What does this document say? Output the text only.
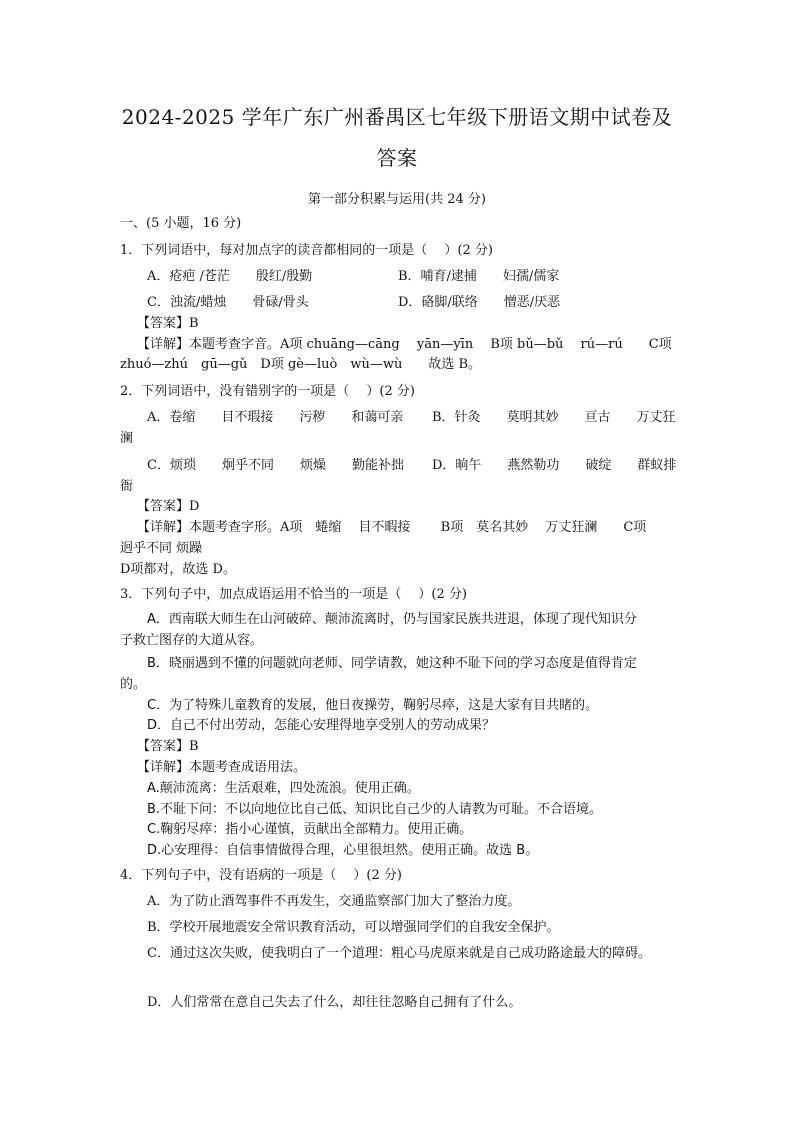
2024-2025 学年广东广州番禺区七年级下册语文期中试卷及
答案
第一部分积累与运用(共 24 分)
一、(5 小题，16 分)
1．下列词语中，每对加点字的读音都相同的一项是（　 ）(2 分)
A．疮疤 /苍茫　　殷红/殷勤	B．哺育/逮捕　　妇孺/儒家
C．浊流/蜡烛　　骨碌/骨头	D．硌脚/联络　　憎恶/厌恶
【答案】B
【详解】本题考查字音。A项 chuāng—cāng　 yān—yīn　 B项 bǔ—bǔ　 rú—rú　　C项
zhuó—zhú　gū—gǔ　D项 gè—luò　wù—wù　　故选 B。
2．下列词语中，没有错别字的一项是（　 ）(2 分)
A．卷缩　　目不瑕接　　污秽　　和蔼可亲 B．针灸　　莫明其妙　　亘古　　万丈狂
澜
C．烦琐　　炯乎不同　　烦燥　　勤能补拙 D．晌午　　燕然勒功　　破绽　　群蚁排
衙
【答案】D
【详解】本题考查字形。A项　蜷缩　 目不暇接　　 B项　莫名其妙　 万丈狂澜　　C项
迥乎不同 烦躁
D项都对，故选 D。
3．下列句子中，加点成语运用不恰当的一项是（　 ）(2 分)
A．西南联大师生在山河破碎、颠沛流离时，仍与国家民族共进退，体现了现代知识分
子救亡图存的大道从容。
B．晓丽遇到不懂的问题就向老师、同学请教，她这种不耻下问的学习态度是值得肯定
的。
C．为了特殊儿童教育的发展，他日夜操劳，鞠躬尽瘁，这是大家有目共睹的。
D．自己不付出劳动，怎能心安理得地享受别人的劳动成果？
【答案】B
【详解】本题考查成语用法。
A.颠沛流离：生活艰难，四处流浪。使用正确。
B.不耻下问：不以向地位比自己低、知识比自己少的人请教为可耻。不合语境。
C.鞠躬尽瘁：指小心谨慎，贡献出全部精力。使用正确。
D.心安理得：自信事情做得合理，心里很坦然。使用正确。故选 B。
4．下列句子中，没有语病的一项是（　 ）(2 分)
A．为了防止酒驾事件不再发生，交通监察部门加大了整治力度。
B．学校开展地震安全常识教育活动，可以增强同学们的自我安全保护。
C．通过这次失败，使我明白了一个道理：粗心马虎原来就是自己成功路途最大的障碍。
D．人们常常在意自己失去了什么，却往往忽略自己拥有了什么。
